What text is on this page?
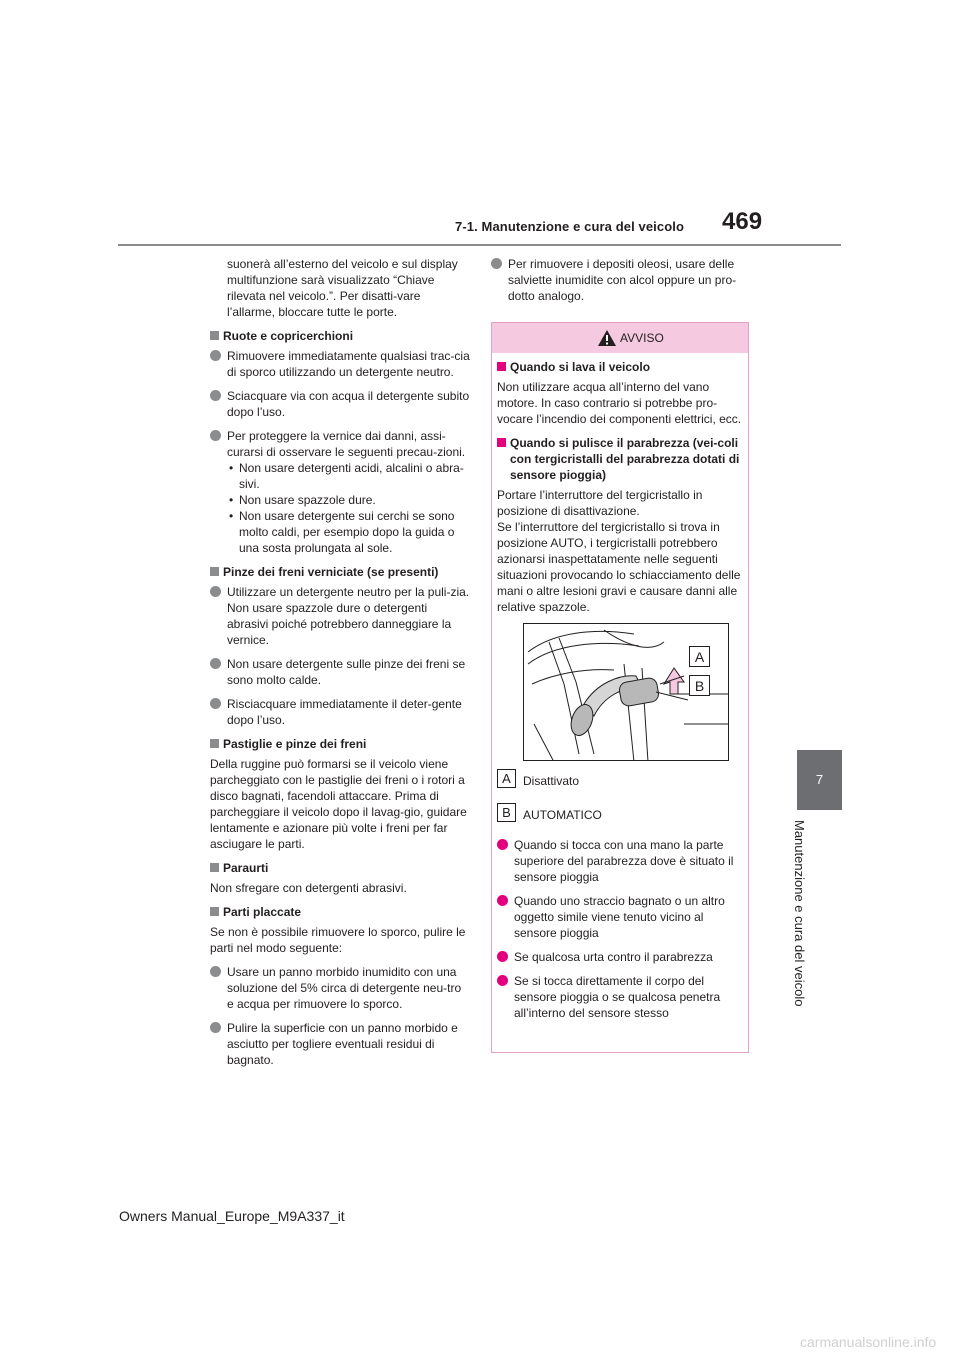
7-1. Manutenzione e cura del veicolo 469
7
Manutenzione e cura del veicolo

suonerà all’esterno del veicolo e sul display multifunzione sarà visualizzato “Chiave rilevata nel veicolo.”. Per disatti-vare l’allarme, bloccare tutte le porte.

Ruote e copricerchioni
Rimuovere immediatamente qualsiasi trac-cia di sporco utilizzando un detergente neutro.
Sciacquare via con acqua il detergente subito dopo l’uso.
Per proteggere la vernice dai danni, assi-curarsi di osservare le seguenti precau-zioni.
• Non usare detergenti acidi, alcalini o abra-sivi.
• Non usare spazzole dure.
• Non usare detergente sui cerchi se sono molto caldi, per esempio dopo la guida o una sosta prolungata al sole.
Pinze dei freni verniciate (se presenti)
Utilizzare un detergente neutro per la puli-zia. Non usare spazzole dure o detergenti abrasivi poiché potrebbero danneggiare la vernice.
Non usare detergente sulle pinze dei freni se sono molto calde.
Risciacquare immediatamente il deter-gente dopo l’uso.
Pastiglie e pinze dei freni

Della ruggine può formarsi se il veicolo viene parcheggiato con le pastiglie dei freni o i rotori a disco bagnati, facendoli attaccare. Prima di parcheggiare il veicolo dopo il lavag-gio, guidare lentamente e azionare più volte i freni per far asciugare le parti.

Paraurti

Non sfregare con detergenti abrasivi.

Parti placcate

Se non è possibile rimuovere lo sporco, pulire le parti nel modo seguente:

Usare un panno morbido inumidito con una soluzione del 5% circa di detergente neu-tro e acqua per rimuovere lo sporco.
Pulire la superficie con un panno morbido e asciutto per togliere eventuali residui di bagnato.
Per rimuovere i depositi oleosi, usare delle salviette inumidite con alcol oppure un pro-dotto analogo.
AVVISO
Quando si lava il veicolo

Non utilizzare acqua all’interno del vano motore. In caso contrario si potrebbe pro-vocare l’incendio dei componenti elettrici, ecc.

Quando si pulisce il parabrezza (vei-coli con tergicristalli del parabrezza dotati di sensore pioggia)

Portare l’interruttore del tergicristallo in posizione di disattivazione.
Se l’interruttore del tergicristallo si trova in posizione AUTO, i tergicristalli potrebbero azionarsi inaspettatamente nelle seguenti situazioni provocando lo schiacciamento delle mani o altre lesioni gravi e causare danni alle relative spazzole.

A
B
A	Disattivato
B	AUTOMATICO
Quando si tocca con una mano la parte superiore del parabrezza dove è situato il sensore pioggia
Quando uno straccio bagnato o un altro oggetto simile viene tenuto vicino al sensore pioggia
Se qualcosa urta contro il parabrezza
Se si tocca direttamente il corpo del sensore pioggia o se qualcosa penetra all’interno del sensore stesso
Owners Manual_Europe_M9A337_it
carmanualsonline.info
